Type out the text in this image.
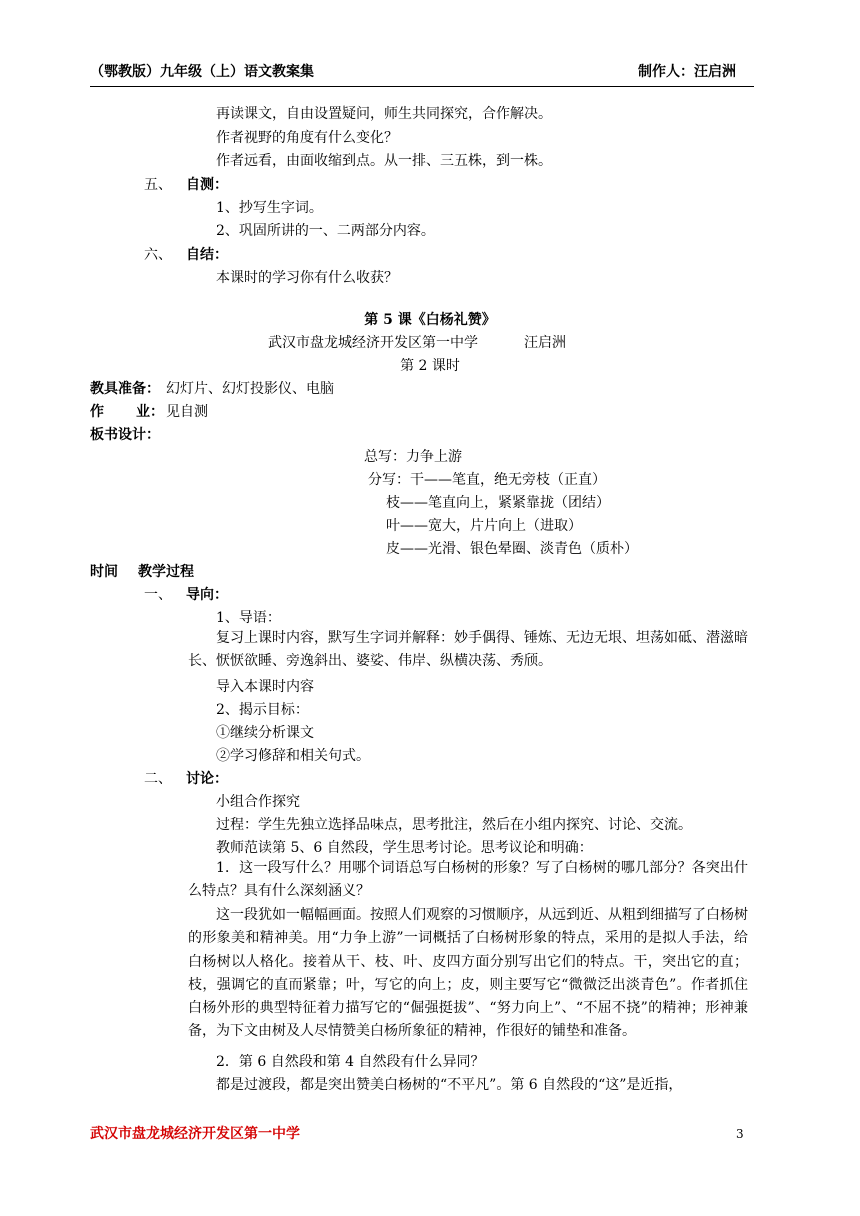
（鄂教版）九年级（上）语文教案集	制作人：汪启洲
再读课文，自由设置疑问，师生共同探究，合作解决。
作者视野的角度有什么变化？
作者远看，由面收缩到点。从一排、三五株，到一株。
五、 自测：
1、抄写生字词。
2、巩固所讲的一、二两部分内容。
六、 自结：
本课时的学习你有什么收获？
第 5 课《白杨礼赞》
武汉市盘龙城经济开发区第一中学	汪启洲
第 2 课时
教具准备： 幻灯片、幻灯投影仪、电脑
作 业： 见自测
板书设计：
总写：力争上游
分写：干——笔直，绝无旁枝（正直）
枝——笔直向上，紧紧靠拢（团结）
叶——宽大，片片向上（进取）
皮——光滑、银色晕圈、淡青色（质朴）
时间 教学过程
一、 导向：
1、导语：

复习上课时内容，默写生字词并解释：妙手偶得、锤炼、无边无垠、坦荡如砥、潜滋暗长、恹恹欲睡、旁逸斜出、婆娑、伟岸、纵横决荡、秀颀。

导入本课时内容
2、揭示目标：
①继续分析课文
②学习修辞和相关句式。
二、 讨论：
小组合作探究
过程：学生先独立选择品味点，思考批注，然后在小组内探究、讨论、交流。
教师范读第 5、6 自然段，学生思考讨论。思考议论和明确：

1．这一段写什么？用哪个词语总写白杨树的形象？写了白杨树的哪几部分？各突出什么特点？具有什么深刻涵义？

这一段犹如一幅幅画面。按照人们观察的习惯顺序，从远到近、从粗到细描写了白杨树的形象美和精神美。用“力争上游”一词概括了白杨树形象的特点，采用的是拟人手法，给白杨树以人格化。接着从干、枝、叶、皮四方面分别写出它们的特点。干，突出它的直；枝，强调它的直而紧靠；叶，写它的向上；皮，则主要写它“微微泛出淡青色”。作者抓住白杨外形的典型特征着力描写它的“倔强挺拔”、“努力向上”、“不屈不挠”的精神；形神兼备，为下文由树及人尽情赞美白杨所象征的精神，作很好的铺垫和准备。

2．第 6 自然段和第 4 自然段有什么异同？
都是过渡段，都是突出赞美白杨树的“不平凡”。第 6 自然段的“这”是近指，
武汉市盘龙城经济开发区第一中学	3
